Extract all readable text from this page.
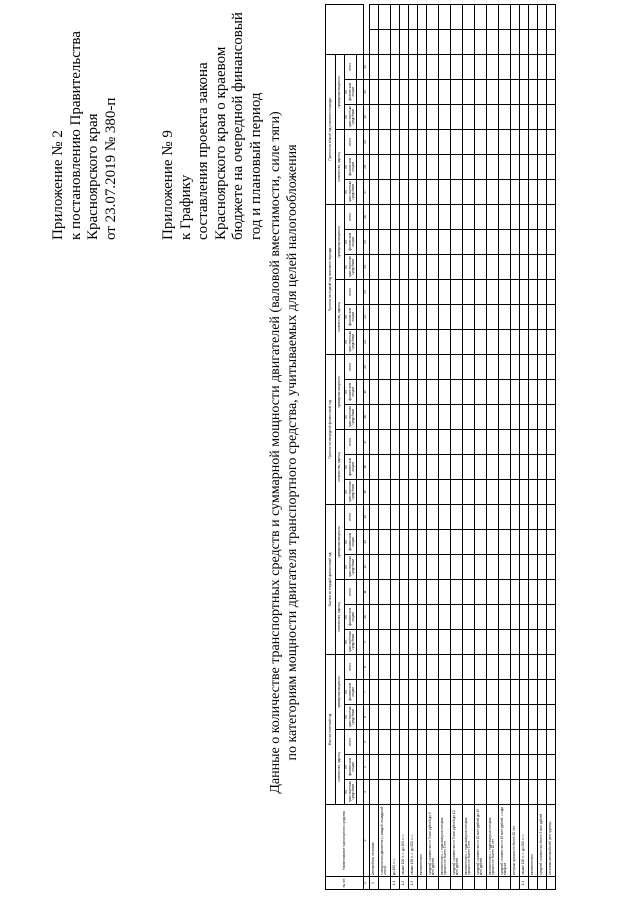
Приложение № 2 к постановлению Правительства Красноярского края от 23.07.2019 № 380-п	Приложение № 9 к Графику составления проекта закона Красноярского края о краевом бюджете на очередной финансовый год и плановый период Данные о количестве транспортных средств и суммарной мощности двигателей (валовой вместимости, силе тяги) по категориям мощности двигателя транспортного средства, учитываемых для целей налогообложения
№ п/п	Наименование транспортного средства	Факт за отчетный год						Оценка за текущий финансовый год						Прогноз на очередной финансовый год						Прогноз на первый год планового периода						Прогноз на второй год планового периода							
		количество, единиц			суммарная мощность			количество, единиц			суммарная мощность			количество, единиц			суммарная мощность			количество, единиц			суммарная мощность			количество, единиц			суммарная мощность				
		по транспортным средствам	по физическим лицам	итого	по транспортным средствам	по физическим лицам	итого	по транспортным средствам	по физическим лицам	итого	по транспортным средствам	по физическим лицам	итого	по транспортным средствам	по физическим лицам	итого	по транспортным средствам	по физическим лицам	итого	по транспортным средствам	по физическим лицам	итого	по транспортным средствам	по физическим лицам	итого	по транспортным средствам	по физическим лицам	итого	по транспортным средствам	по физическим лицам	итого		

1	2	3	4	5	6	7	8	9	10	11	12	13	14	15	16	17	18	19	20	21	22	23	24	25	26	27	28	29	30	31	32		
1	Автомобили легковые																																
	с мощностью двигателя (с каждой лошадиной силы):																																
1.1	до 100 л. с.																																
1.2	свыше 100 л. с. до 150 л. с.																																
1.3	свыше 150 л. с. до 200 л. с.																																
	включительно																																
	средней стоимостью от 3 млн рублей до 5 млн рублей																																
	включительно, с года выпуска которых прошло не более 3 лет																																
	средней стоимостью от 5 млн рублей до 10 млн рублей																																
	включительно, с года выпуска которых прошло не более 5 лет																																
	средней стоимостью от 10 млн рублей до 15 млн рублей																																
	включительно, с года выпуска которых прошло не более 10 лет																																
	средней стоимостью от 15 млн рублей, с года выпуска																																
	которых прошло не более 20 лет																																
1.4	свыше 150 л. с. до 200 л. с.																																
	включительно																																
	средней стоимостью более 3 млн рублей																																
	легковых автомобилей (вне группы)																																
